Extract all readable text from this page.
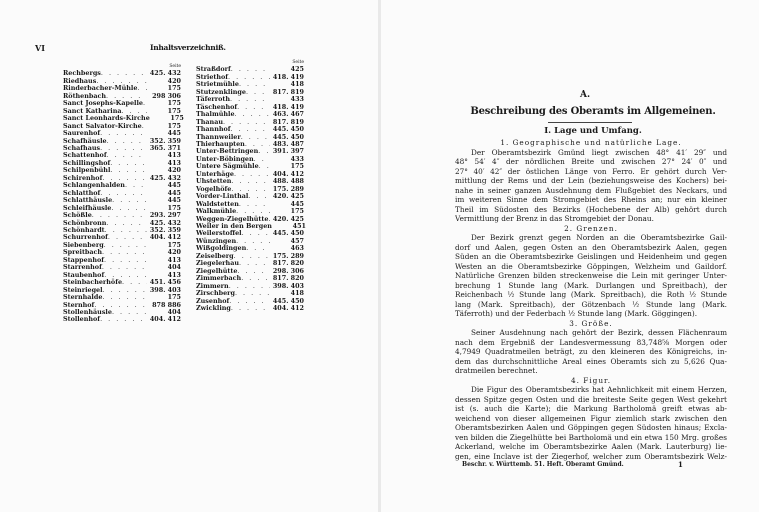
VI	Inhaltsverzeichniß.
Seite
Rechbergs . . .	425. 432
Riedhaus . . .	420
Rinderbacher-Mühle . . .	175
Röthenbach . . .	298 306
Sanct Josephs-Kapelle . . .	175
Sanct Katharina . . .	175
Sanct Leonhards-Kirche	175
Sanct Salvator-Kirche . . .	175
Saurenhof . . .	445
Schafhäusle . . .	352. 359
Schafhaus . . .	365. 371
Schattenhof . . .	413
Schillingshof . . .	413
Schilpenbühl . . .	420
Schirenhof . . .	425. 432
Schlangenhalden . . .	445
Schlatthof . . .	445
Schlatthäusle . . .	445
Schleifhäusle . . .	175
Schößle . . .	293. 297
Schönbronn . . .	425. 432
Schönhardt . . .	352. 359
Schurrenhof . . .	404. 412
Siebenberg . . .	175
Spreitbach . . .	420
Stappenhof . . .	413
Starrenhof . . .	404
Staubenhof . . .	413
Steinbacherhöfe . . .	451. 456
Steinriegel . . .	398. 403
Sternhalde . . .	175
Sternhof . . .	878 886
Stollenhäusle . . .	404
Stollenhof . . .	404. 412
Seite
Straßdorf . . .	425
Striethof . . .	418. 419
Strietmühle . . .	418
Stutzenklinge . . .	817. 819
Täferroth . . .	433
Täschenhof . . .	418. 419
Thalmühle . . .	463. 467
Thanau . . .	817. 819
Thannhof . . .	445. 450
Thannweiler . . .	445. 450
Thierhaupten . . .	483. 487
Unter-Bettringen . . .	391. 397
Unter-Böbingen . . .	433
Untere Sägmühle . . .	175
Unterhäge . . .	404. 412
Uhstetten . . .	488. 488
Vogelhöfe . . .	175. 289
Vorder-Linthal . . .	420. 425
Waldstetten . . .	445
Walkmühle . . .	175
Weggen-Ziegelhütte . . . 420. 425
Weiler in den Bergen	451
Weilerstoffel . . .	445. 450
Wünzingen . . .	457
Wißgoldingen . . .	463
Zeiselberg . . .	175. 289
Ziegelerhau . . .	817. 820
Ziegelhütte . . .	298. 306
Zimmerbach . . .	817. 820
Zimmern . . .	398. 403
Zirschberg . . .	418
Zusenhof . . .	445. 450
Zwickling . . .	404. 412
A.
Beschreibung des Oberamts im Allgemeinen.
I. Lage und Umfang.
1. Geographische und natürliche Lage.
Der Oberamtsbezirk Gmünd liegt zwischen 48° 41′ 29″ und
48° 54′ 4″ der nördlichen Breite und zwischen 27° 24′ 0″ und
27° 40′ 42″ der östlichen Länge von Ferro. Er gehört durch Ver-
mittlung der Rems und der Lein (beziehungsweise des Kochers) bei-
nahe in seiner ganzen Ausdehnung dem Flußgebiet des Neckars, und
im weiteren Sinne dem Stromgebiet des Rheins an; nur ein kleiner
Theil im Südosten des Bezirks (Hochebene der Alb) gehört durch
Vermittlung der Brenz in das Stromgebiet der Donau.
2. Grenzen.
Der Bezirk grenzt gegen Norden an die Oberamtsbezirke Gail-
dorf und Aalen, gegen Osten an den Oberamtsbezirk Aalen, gegen
Süden an die Oberamtsbezirke Geislingen und Heidenheim und gegen
Westen an die Oberamtsbezirke Göppingen, Welzheim und Gaildorf.
Natürliche Grenzen bilden streckenweise die Lein mit geringer Unter-
brechung 1 Stunde lang (Mark. Durlangen und Spreitbach), der
Reichenbach ½ Stunde lang (Mark. Spreitbach), die Roth ½ Stunde
lang (Mark. Spreitbach), der Götzenbach ½ Stunde lang (Mark.
Täferroth) und der Federbach ½ Stunde lang (Mark. Göggingen).
3. Größe.
Seiner Ausdehnung nach gehört der Bezirk, dessen Flächenraum
nach dem Ergebniß der Landesvermessung 83,748⅝ Morgen oder
4,7949 Quadratmeilen beträgt, zu den kleineren des Königreichs, in-
dem das durchschnittliche Areal eines Oberamts sich zu 5,626 Qua-
dratmeilen berechnet.
4. Figur.
Die Figur des Oberamtsbezirks hat Aehnlichkeit mit einem Herzen,
dessen Spitze gegen Osten und die breiteste Seite gegen West gekehrt
ist (s. auch die Karte); die Markung Bartholomä greift etwas ab-
weichend von dieser allgemeinen Figur ziemlich stark zwischen den
Oberamtsbezirken Aalen und Göppingen gegen Südosten hinaus; Excla-
ven bilden die Ziegelhütte bei Bartholomä und ein etwa 150 Mrg. großes
Ackerland, welche im Oberamtsbezirke Aalen (Mark. Lauterburg) lie-
gen, eine Inclave ist der Ziegerhof, welcher zum Oberamtsbezirk Welz-
Beschr. v. Württemb. 51. Heft. Oberamt Gmünd.	1
